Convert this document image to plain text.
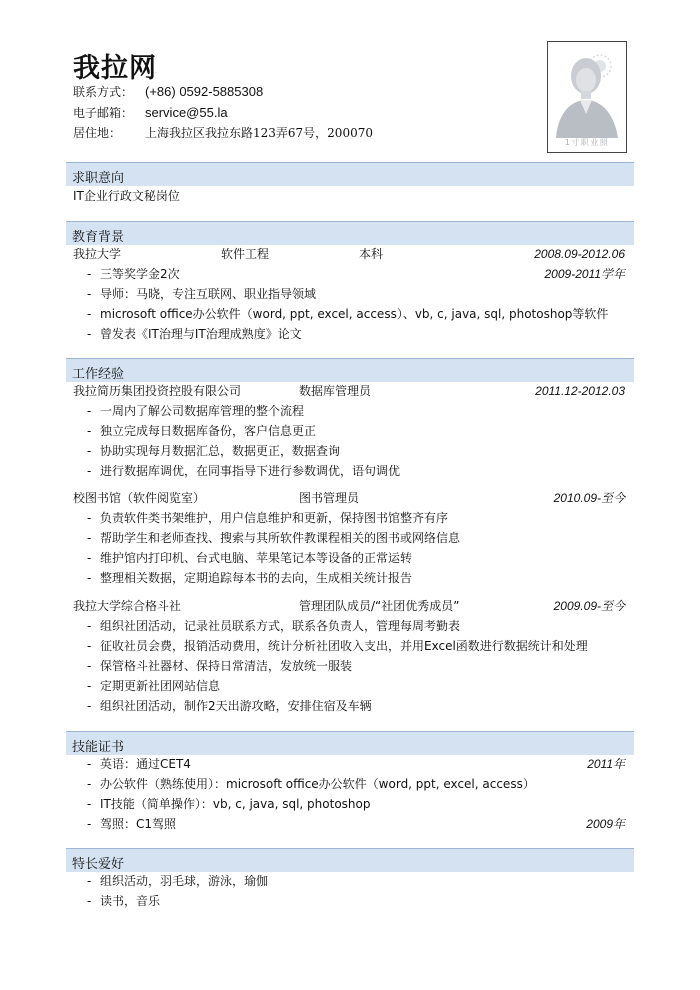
我拉网
联系方式： (+86) 0592-5885308
电子邮箱： service@55.la
居住地： 上海我拉区我拉东路123弄67号，200070
1寸职业照
求职意向
IT企业行政文秘岗位
教育背景
我拉大学	软件工程	本科	2008.09-2012.06
- 三等奖学金2次	2009-2011学年
- 导师：马晓，专注互联网、职业指导领域
- microsoft office办公软件（word, ppt, excel, access）、vb, c, java, sql, photoshop等软件
- 曾发表《IT治理与IT治理成熟度》论文
工作经验
我拉简历集团投资控股有限公司	数据库管理员	2011.12-2012.03
- 一周内了解公司数据库管理的整个流程
- 独立完成每日数据库备份，客户信息更正
- 协助实现每月数据汇总，数据更正，数据查询
- 进行数据库调优，在同事指导下进行参数调优，语句调优
校图书馆（软件阅览室）	图书管理员	2010.09-至今
- 负责软件类书架维护，用户信息维护和更新，保持图书馆整齐有序
- 帮助学生和老师查找、搜索与其所软件教课程相关的图书或网络信息
- 维护馆内打印机、台式电脑、苹果笔记本等设备的正常运转
- 整理相关数据，定期追踪每本书的去向，生成相关统计报告
我拉大学综合格斗社	管理团队成员/“社团优秀成员”	2009.09-至今
- 组织社团活动，记录社员联系方式，联系各负责人，管理每周考勤表
- 征收社员会费，报销活动费用，统计分析社团收入支出，并用Excel函数进行数据统计和处理
- 保管格斗社器材、保持日常清洁，发放统一服装
- 定期更新社团网站信息
- 组织社团活动，制作2天出游攻略，安排住宿及车辆
技能证书
- 英语：通过CET4	2011年
- 办公软件（熟练使用）：microsoft office办公软件（word, ppt, excel, access）
- IT技能（简单操作）：vb, c, java, sql, photoshop
- 驾照：C1驾照	2009年
特长爱好
- 组织活动，羽毛球，游泳，瑜伽
- 读书，音乐
